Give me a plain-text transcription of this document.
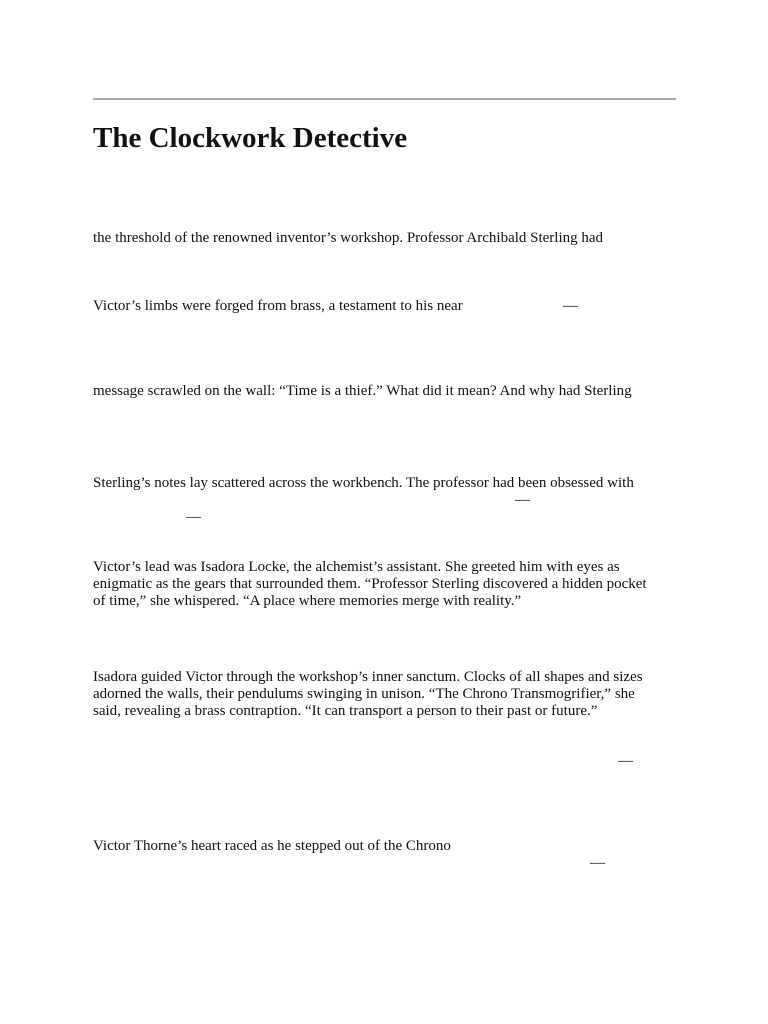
The Clockwork Detective

the threshold of the renowned inventor’s workshop. Professor Archibald Sterling had

Victor’s limbs were forged from brass, a testament to his near	—

message scrawled on the wall: “Time is a thief.” What did it mean? And why had Sterling

Sterling’s notes lay scattered across the workbench. The professor had been obsessed with

—
—

Victor’s lead was Isadora Locke, the alchemist’s assistant. She greeted him with eyes as

enigmatic as the gears that surrounded them. “Professor Sterling discovered a hidden pocket

of time,” she whispered. “A place where memories merge with reality.”

Isadora guided Victor through the workshop’s inner sanctum. Clocks of all shapes and sizes

adorned the walls, their pendulums swinging in unison. “The Chrono Transmogrifier,” she

said, revealing a brass contraption. “It can transport a person to their past or future.”

—

Victor Thorne’s heart raced as he stepped out of the Chrono

—
